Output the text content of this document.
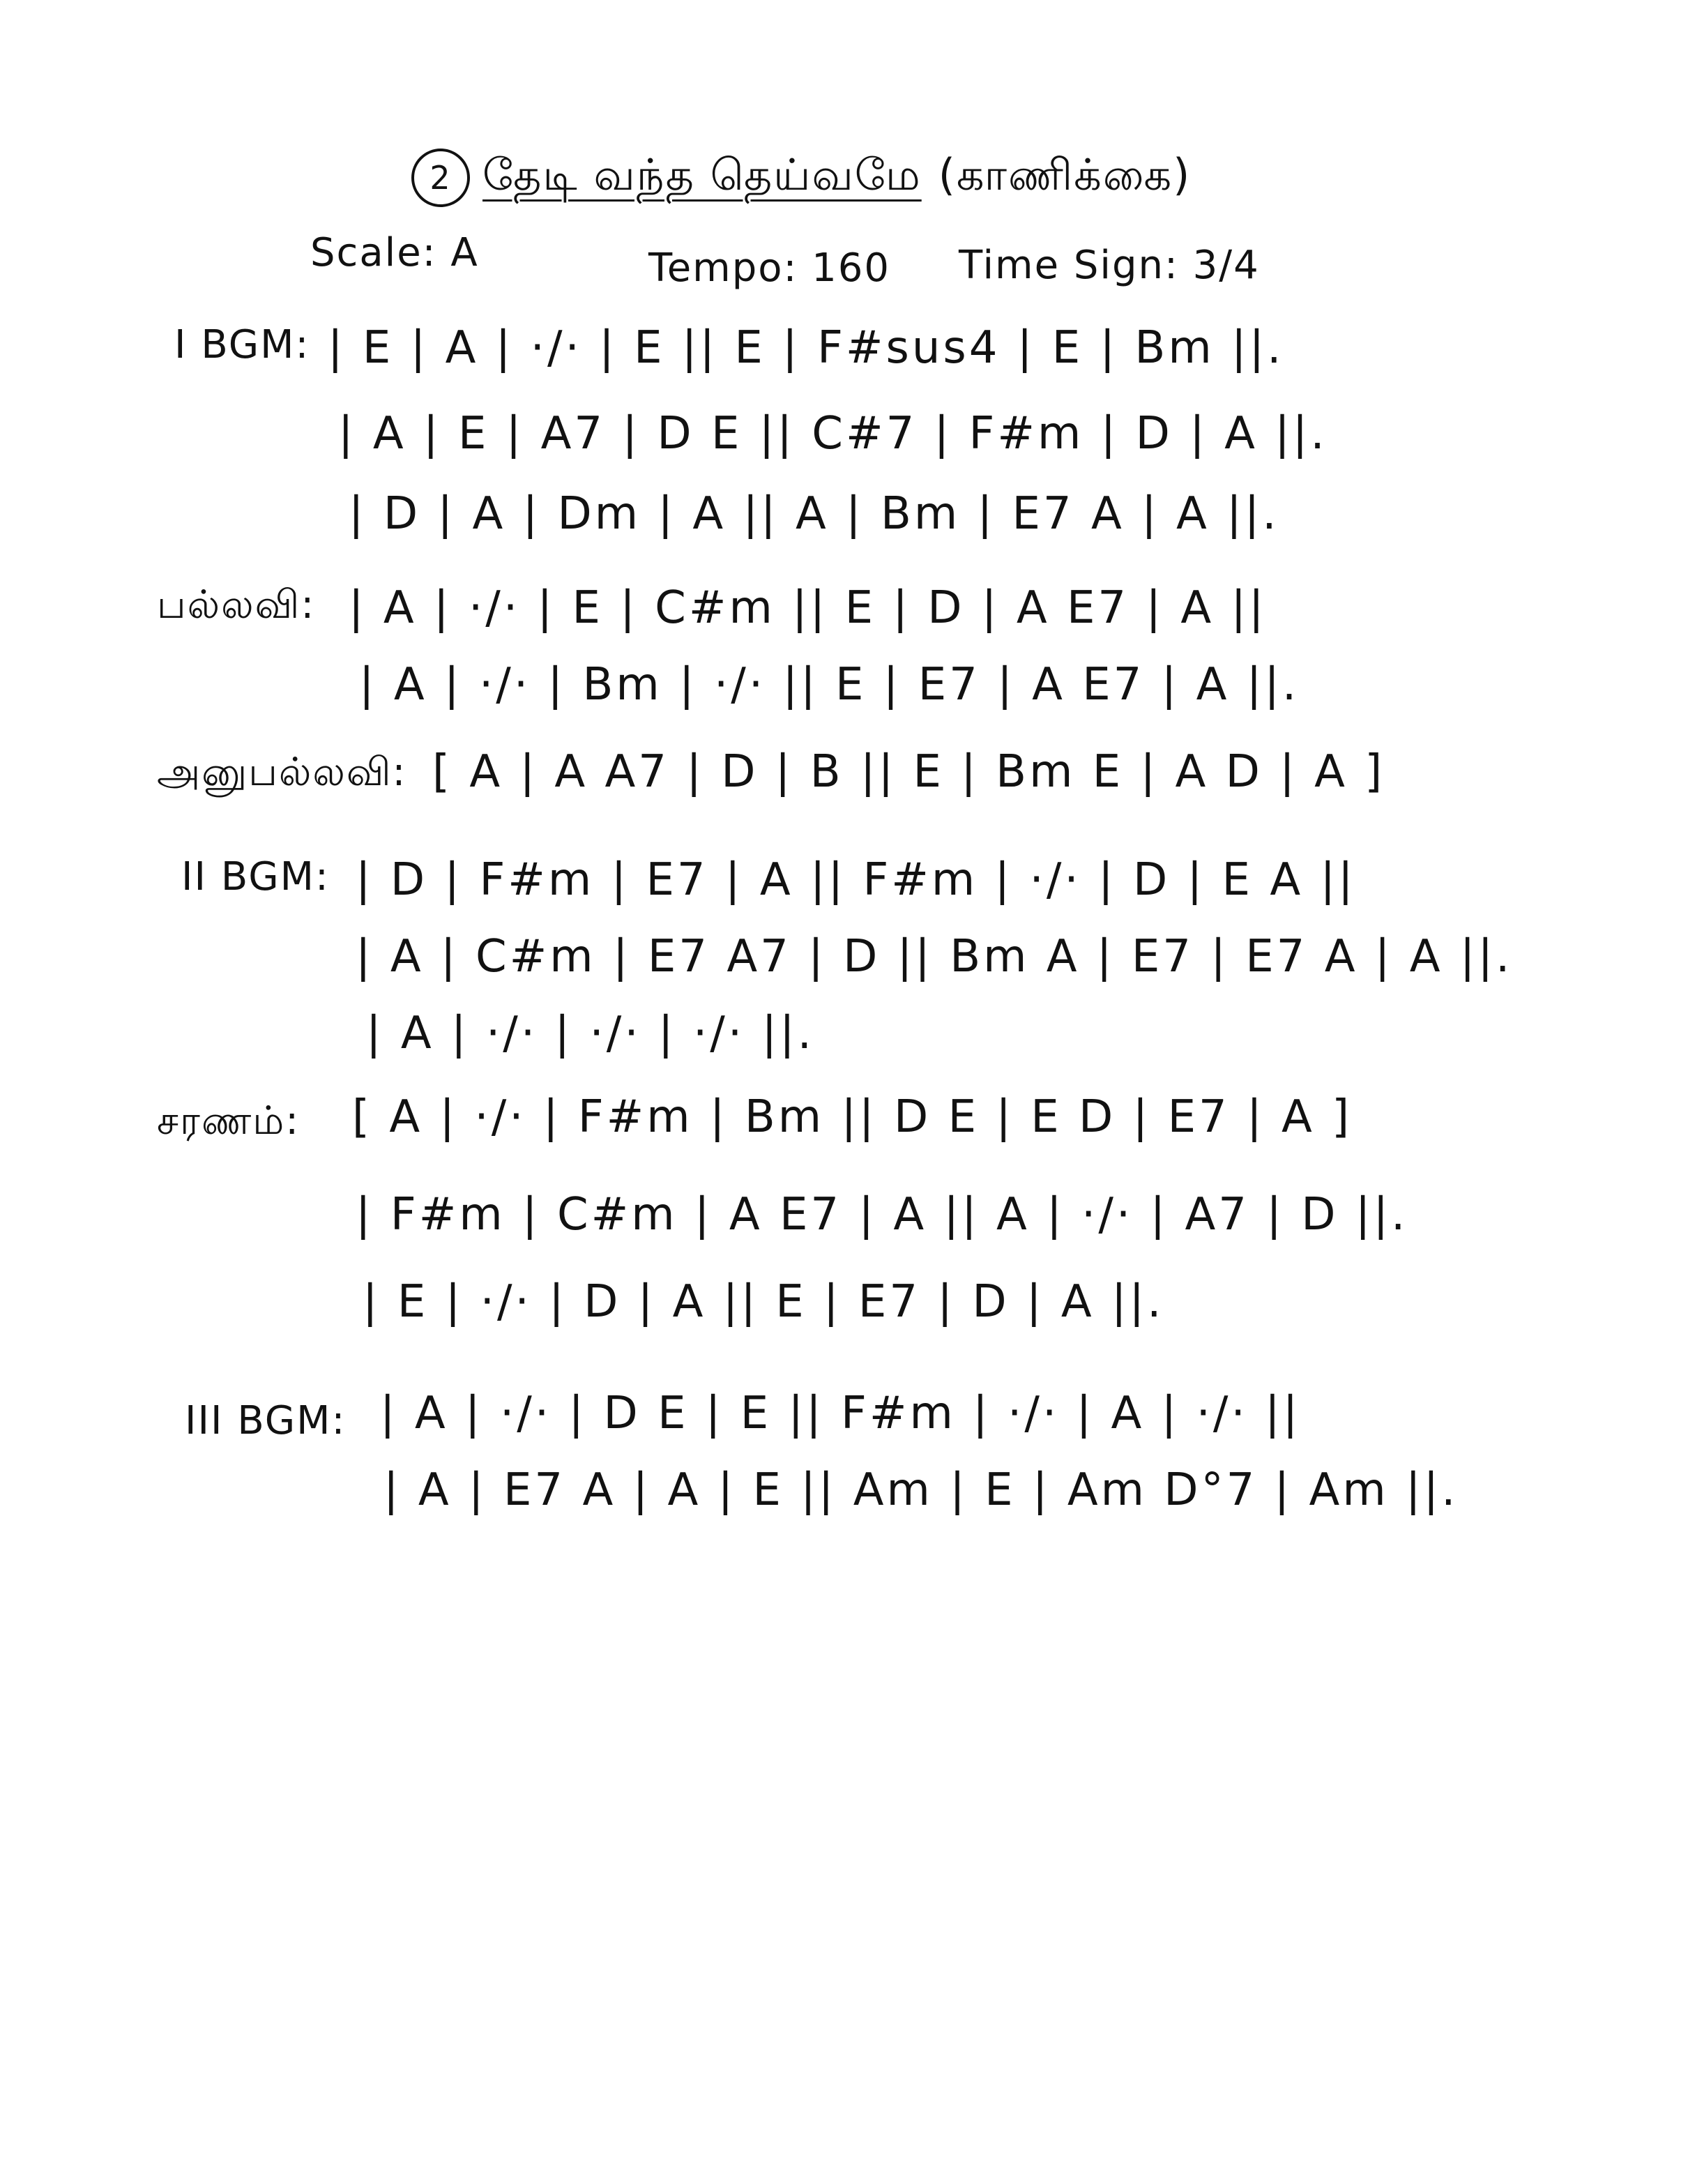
2 தேடி வந்த தெய்வமே (காணிக்கை)
Scale: A	Tempo: 160 Time Sign: 3/4
I BGM: | E | A | ·/· | E || E | F#sus4 | E | Bm ||.
| A | E | A7 | D E || C#7 | F#m | D | A ||.
| D | A | Dm | A || A | Bm | E7 A | A ||.
பல்லவி: | A | ·/· | E | C#m || E | D | A E7 | A ||
| A | ·/· | Bm | ·/· || E | E7 | A E7 | A ||.
அனுபல்லவி: [ A | A A7 | D | B || E | Bm E | A D | A ]
II BGM: | D | F#m | E7 | A || F#m | ·/· | D | E A ||
| A | C#m | E7 A7 | D || Bm A | E7 | E7 A | A ||.
| A | ·/· | ·/· | ·/· ||.
சரணம்: [ A | ·/· | F#m | Bm || D E | E D | E7 | A ]
| F#m | C#m | A E7 | A || A | ·/· | A7 | D ||.
| E | ·/· | D | A || E | E7 | D | A ||.
III BGM: | A | ·/· | D E | E || F#m | ·/· | A | ·/· ||
| A | E7 A | A | E || Am | E | Am D°7 | Am ||.
